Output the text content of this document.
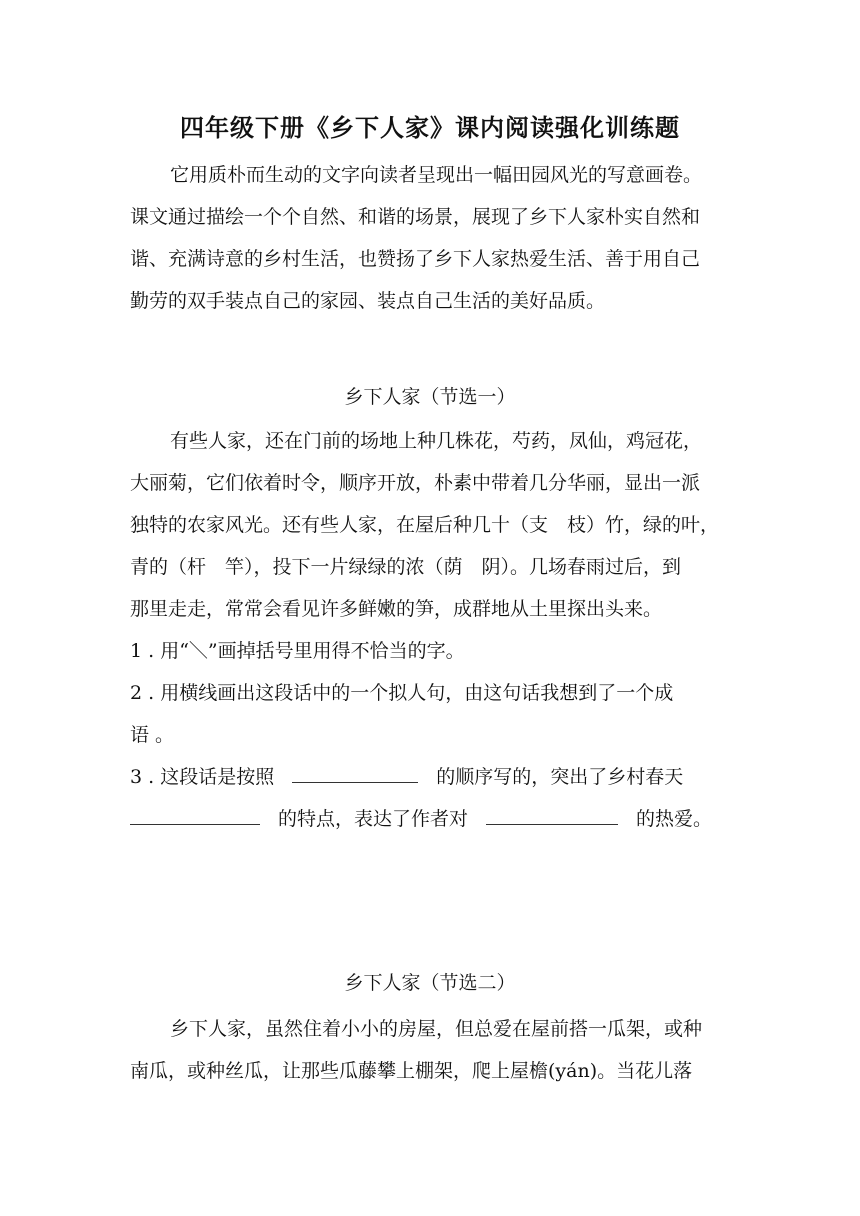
四年级下册《乡下人家》课内阅读强化训练题

它用质朴而生动的文字向读者呈现出一幅田园风光的写意画卷。

课文通过描绘一个个自然、和谐的场景，展现了乡下人家朴实自然和

谐、充满诗意的乡村生活，也赞扬了乡下人家热爱生活、善于用自己

勤劳的双手装点自己的家园、装点自己生活的美好品质。

乡下人家（节选一）

有些人家，还在门前的场地上种几株花，芍药，凤仙，鸡冠花，

大丽菊，它们依着时令，顺序开放，朴素中带着几分华丽，显出一派

独特的农家风光。还有些人家，在屋后种几十（支　枝）竹，绿的叶，

青的（杆　竿），投下一片绿绿的浓（荫　阴）。几场春雨过后，到

那里走走，常常会看见许多鲜嫩的笋，成群地从土里探出头来。

1 . 用“＼”画掉括号里用得不恰当的字。

2 . 用横线画出这段话中的一个拟人句，由这句话我想到了一个成

语 。

3 . 这段话是按照	的顺序写的，突出了乡村春天

的特点，表达了作者对	的热爱。

乡下人家（节选二）

乡下人家，虽然住着小小的房屋，但总爱在屋前搭一瓜架，或种

南瓜，或种丝瓜，让那些瓜藤攀上棚架，爬上屋檐(yán)。当花儿落
